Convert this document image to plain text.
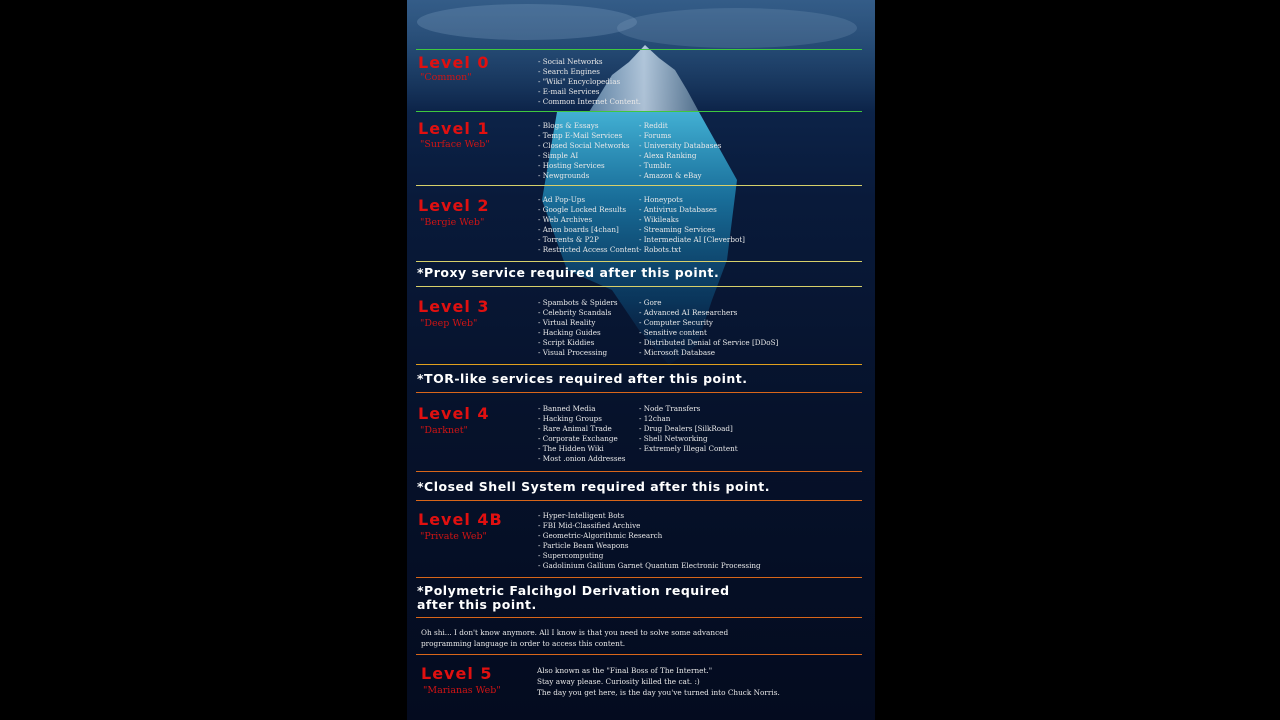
Level 0
"Common"
- Social Networks
- Search Engines
- "Wiki" Encyclopedias
- E-mail Services
- Common Internet Content.
Level 1
"Surface Web"
- Blogs & Essays
- Temp E-Mail Services
- Closed Social Networks
- Simple AI
- Hosting Services
- Newgrounds
- Reddit
- Forums
- University Databases
- Alexa Ranking
- Tumblr.
- Amazon & eBay
Level 2
"Bergie Web"
- Ad Pop-Ups
- Google Locked Results
- Web Archives
- Anon boards [4chan]
- Torrents & P2P
- Restricted Access Content
- Honeypots
- Antivirus Databases
- Wikileaks
- Streaming Services
- Intermediate AI [Cleverbot]
- Robots.txt
*Proxy service required after this point.
Level 3
"Deep Web"
- Spambots & Spiders
- Celebrity Scandals
- Virtual Reality
- Hacking Guides
- Script Kiddies
- Visual Processing
- Gore
- Advanced AI Researchers
- Computer Security
- Sensitive content
- Distributed Denial of Service [DDoS]
- Microsoft Database
*TOR-like services required after this point.
Level 4
"Darknet"
- Banned Media
- Hacking Groups
- Rare Animal Trade
- Corporate Exchange
- The Hidden Wiki
- Most .onion Addresses
- Node Transfers
- 12chan
- Drug Dealers [SilkRoad]
- Shell Networking
- Extremely Illegal Content
*Closed Shell System required after this point.
Level 4B
"Private Web"
- Hyper-Intelligent Bots
- FBI Mid-Classified Archive
- Geometric-Algorithmic Research
- Particle Beam Weapons
- Supercomputing
- Gadolinium Gallium Garnet Quantum Electronic Processing
*Polymetric Falcihgol Derivation required
after this point.
Oh shi... I don't know anymore. All I know is that you need to solve some advanced
programming language in order to access this content.
Level 5
"Marianas Web"
Also known as the "Final Boss of The Internet."
Stay away please. Curiosity killed the cat. :)
The day you get here, is the day you've turned into Chuck Norris.
